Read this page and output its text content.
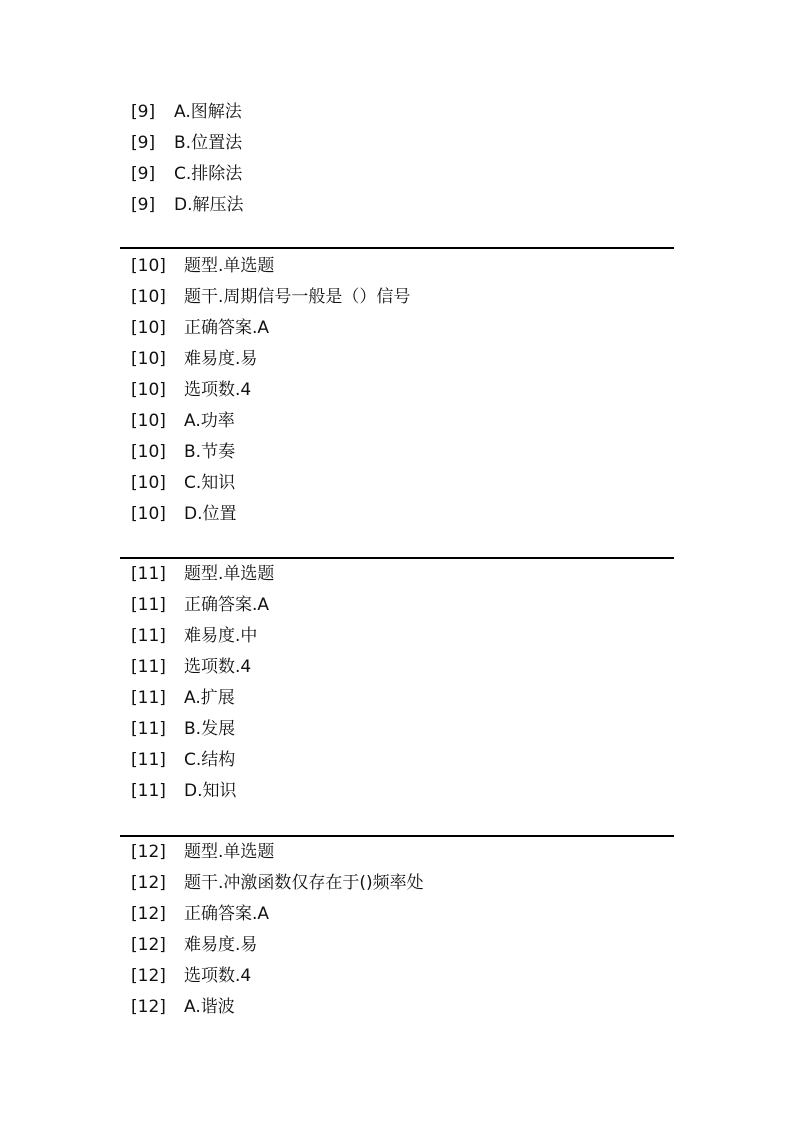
[9] A.图解法
[9] B.位置法
[9] C.排除法
[9] D.解压法
[10] 题型.单选题
[10] 题干.周期信号一般是（）信号
[10] 正确答案.A
[10] 难易度.易
[10] 选项数.4
[10] A.功率
[10] B.节奏
[10] C.知识
[10] D.位置
[11] 题型.单选题
[11] 正确答案.A
[11] 难易度.中
[11] 选项数.4
[11] A.扩展
[11] B.发展
[11] C.结构
[11] D.知识
[12] 题型.单选题
[12] 题干.冲激函数仅存在于()频率处
[12] 正确答案.A
[12] 难易度.易
[12] 选项数.4
[12] A.谐波
